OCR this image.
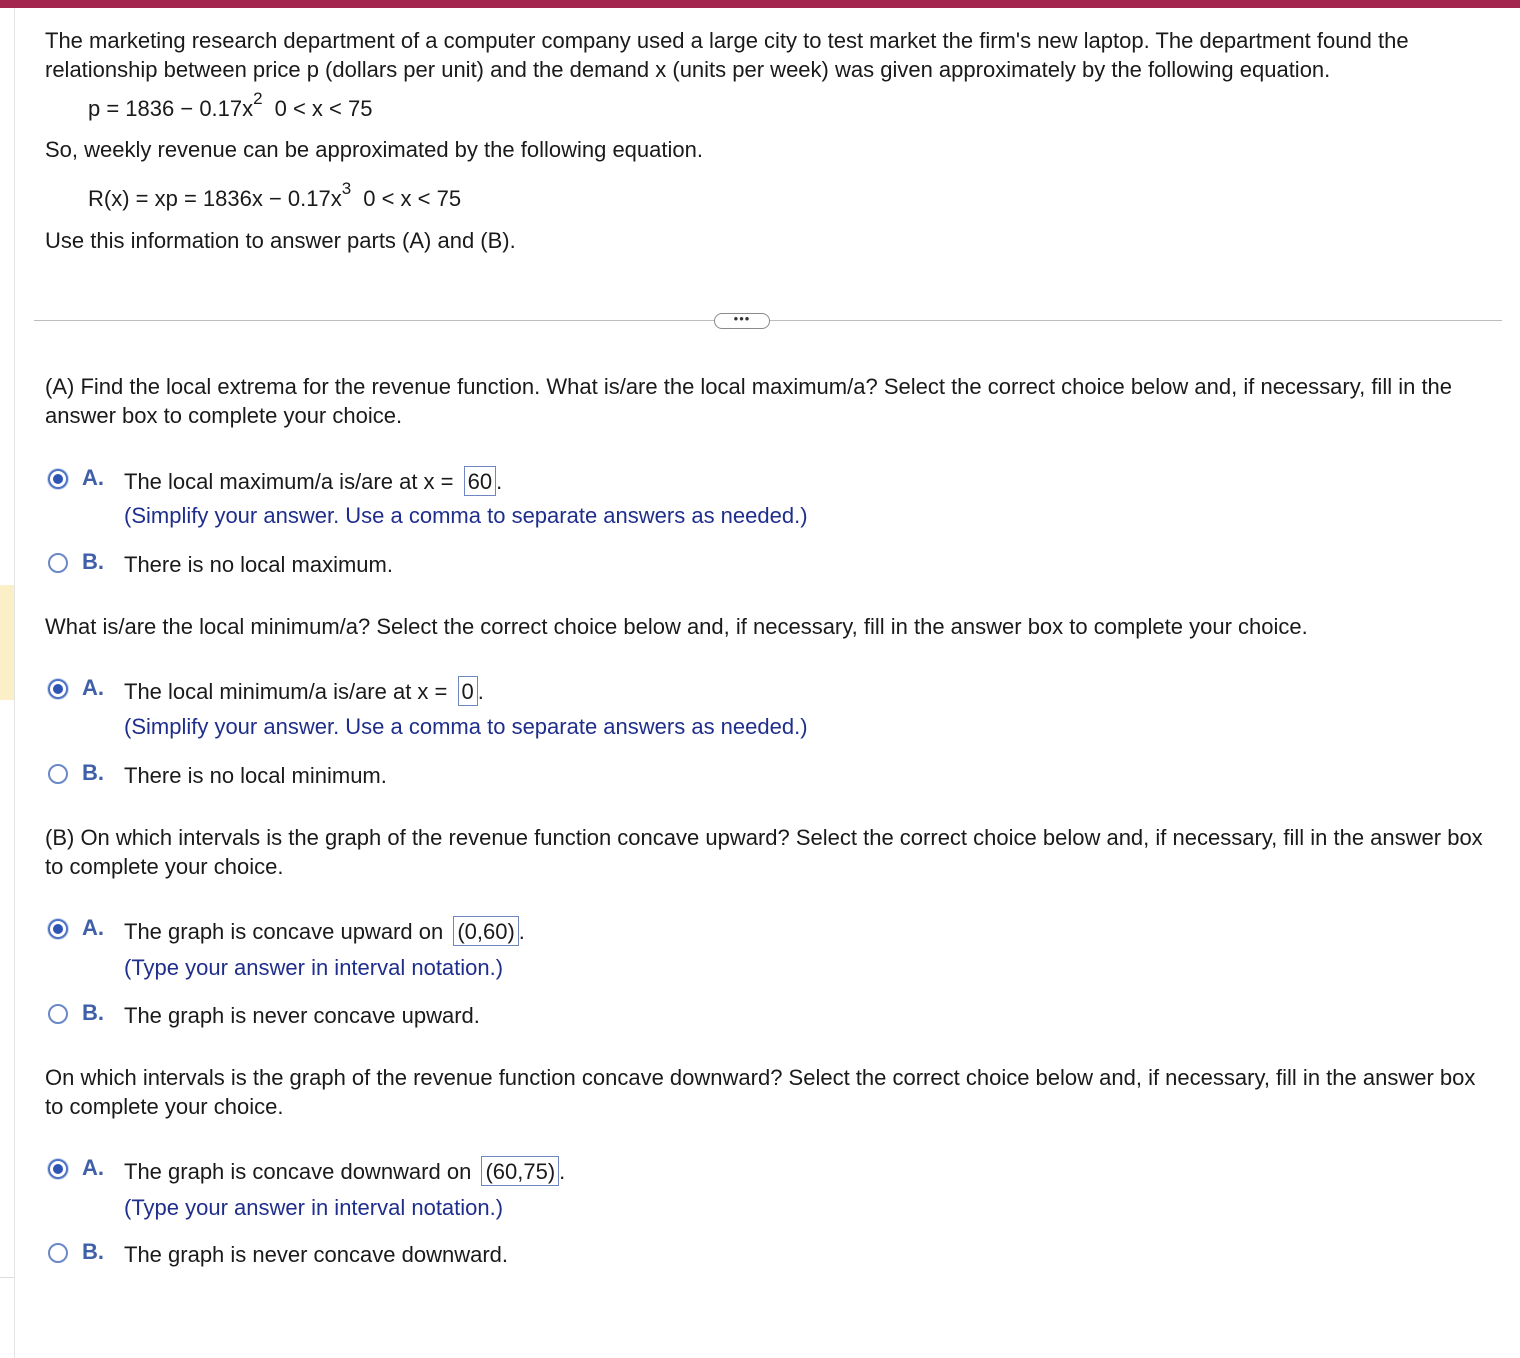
The marketing research department of a computer company used a large city to test market the firm's new laptop. The department found the relationship between price p (dollars per unit) and the demand x (units per week) was given approximately by the following equation.

$p = 1836 - 0.17x^2$ 0 < x < 75

So, weekly revenue can be approximated by the following equation.

R(x) = xp = $1836x - 0.17x^3$ 0 < x < 75

Use this information to answer parts (A) and (B).

•••
(A) Find the local extrema for the revenue function. What is/are the local maximum/a? Select the correct choice below and, if necessary, fill in the answer box to complete your choice.
A. The local maximum/a is/are at x = 60 .
(Simplify your answer. Use a comma to separate answers as needed.)
B. There is no local maximum.
What is/are the local minimum/a? Select the correct choice below and, if necessary, fill in the answer box to complete your choice.
A. The local minimum/a is/are at x = 0 .
(Simplify your answer. Use a comma to separate answers as needed.)
B. There is no local minimum.
(B) On which intervals is the graph of the revenue function concave upward? Select the correct choice below and, if necessary, fill in the answer box to complete your choice.
A. The graph is concave upward on (0,60) .
(Type your answer in interval notation.)
B. The graph is never concave upward.
On which intervals is the graph of the revenue function concave downward? Select the correct choice below and, if necessary, fill in the answer box to complete your choice.
A. The graph is concave downward on (60,75) .
(Type your answer in interval notation.)
B. The graph is never concave downward.
